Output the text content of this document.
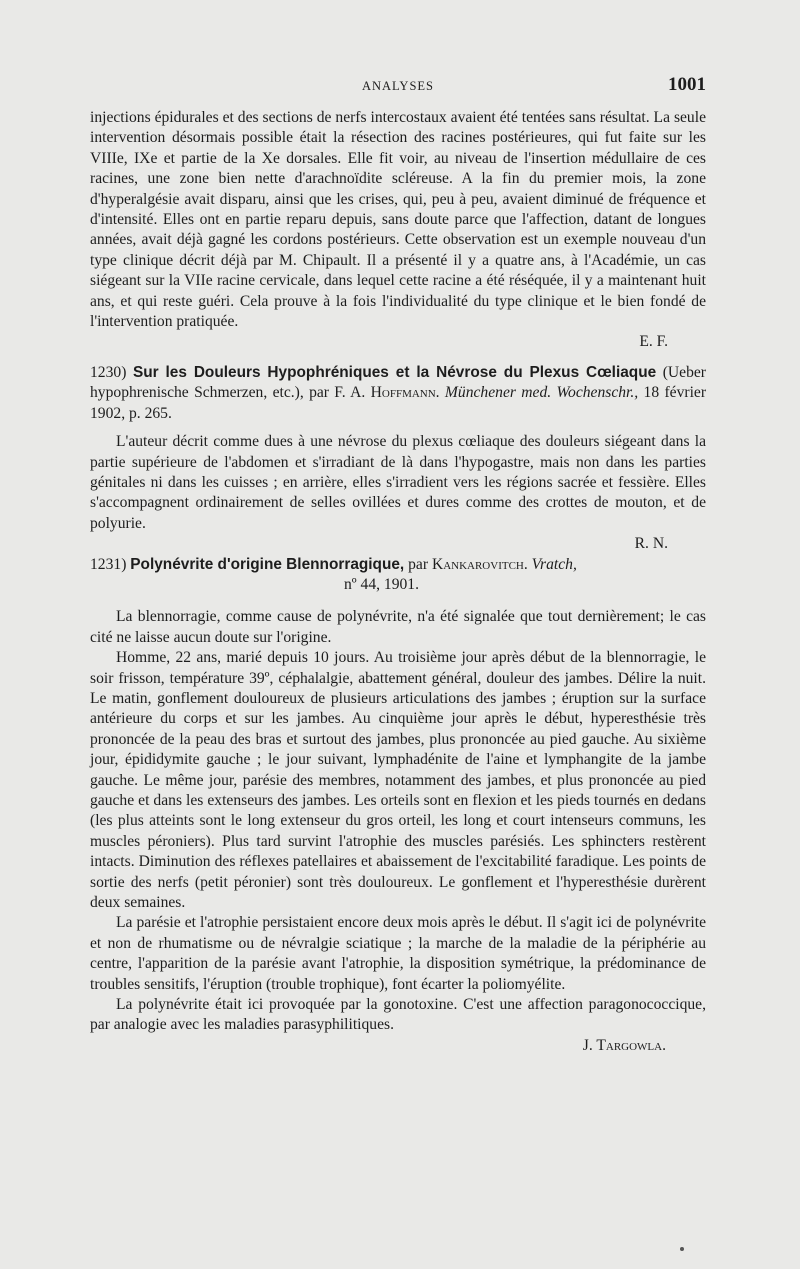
ANALYSES	1001

injections épidurales et des sections de nerfs intercostaux avaient été tentées sans résultat. La seule intervention désormais possible était la résection des racines postérieures, qui fut faite sur les VIIIe, IXe et partie de la Xe dorsales. Elle fit voir, au niveau de l'insertion médullaire de ces racines, une zone bien nette d'arachnoïdite scléreuse. A la fin du premier mois, la zone d'hyperalgésie avait disparu, ainsi que les crises, qui, peu à peu, avaient diminué de fréquence et d'intensité. Elles ont en partie reparu depuis, sans doute parce que l'affection, datant de longues années, avait déjà gagné les cordons postérieurs. Cette observation est un exemple nouveau d'un type clinique décrit déjà par M. Chipault. Il a présenté il y a quatre ans, à l'Académie, un cas siégeant sur la VIIe racine cervicale, dans lequel cette racine a été réséquée, il y a maintenant huit ans, et qui reste guéri. Cela prouve à la fois l'individualité du type clinique et le bien fondé de l'intervention pratiquée.

E. F.

1230) Sur les Douleurs Hypophréniques et la Névrose du Plexus Cœliaque (Ueber hypophrenische Schmerzen, etc.), par F. A. Hoffmann. Münchener med. Wochenschr., 18 février 1902, p. 265.

L'auteur décrit comme dues à une névrose du plexus cœliaque des douleurs siégeant dans la partie supérieure de l'abdomen et s'irradiant de là dans l'hypogastre, mais non dans les parties génitales ni dans les cuisses ; en arrière, elles s'irradient vers les régions sacrée et fessière. Elles s'accompagnent ordinairement de selles ovillées et dures comme des crottes de mouton, et de polyurie.

R. N.

1231) Polynévrite d'origine Blennorragique, par Kankarovitch. Vratch,

nº 44, 1901.

La blennorragie, comme cause de polynévrite, n'a été signalée que tout dernièrement; le cas cité ne laisse aucun doute sur l'origine.

Homme, 22 ans, marié depuis 10 jours. Au troisième jour après début de la blennorragie, le soir frisson, température 39º, céphalalgie, abattement général, douleur des jambes. Délire la nuit. Le matin, gonflement douloureux de plusieurs articulations des jambes ; éruption sur la surface antérieure du corps et sur les jambes. Au cinquième jour après le début, hyperesthésie très prononcée de la peau des bras et surtout des jambes, plus prononcée au pied gauche. Au sixième jour, épididymite gauche ; le jour suivant, lymphadénite de l'aine et lymphangite de la jambe gauche. Le même jour, parésie des membres, notamment des jambes, et plus prononcée au pied gauche et dans les extenseurs des jambes. Les orteils sont en flexion et les pieds tournés en dedans (les plus atteints sont le long extenseur du gros orteil, les long et court intenseurs communs, les muscles péroniers). Plus tard survint l'atrophie des muscles parésiés. Les sphincters restèrent intacts. Diminution des réflexes patellaires et abaissement de l'excitabilité faradique. Les points de sortie des nerfs (petit péronier) sont très douloureux. Le gonflement et l'hyperesthésie durèrent deux semaines.

La parésie et l'atrophie persistaient encore deux mois après le début. Il s'agit ici de polynévrite et non de rhumatisme ou de névralgie sciatique ; la marche de la maladie de la périphérie au centre, l'apparition de la parésie avant l'atrophie, la disposition symétrique, la prédominance de troubles sensitifs, l'éruption (trouble trophique), font écarter la poliomyélite.

La polynévrite était ici provoquée par la gonotoxine. C'est une affection paragonococcique, par analogie avec les maladies parasyphilitiques.

J. Targowla.
